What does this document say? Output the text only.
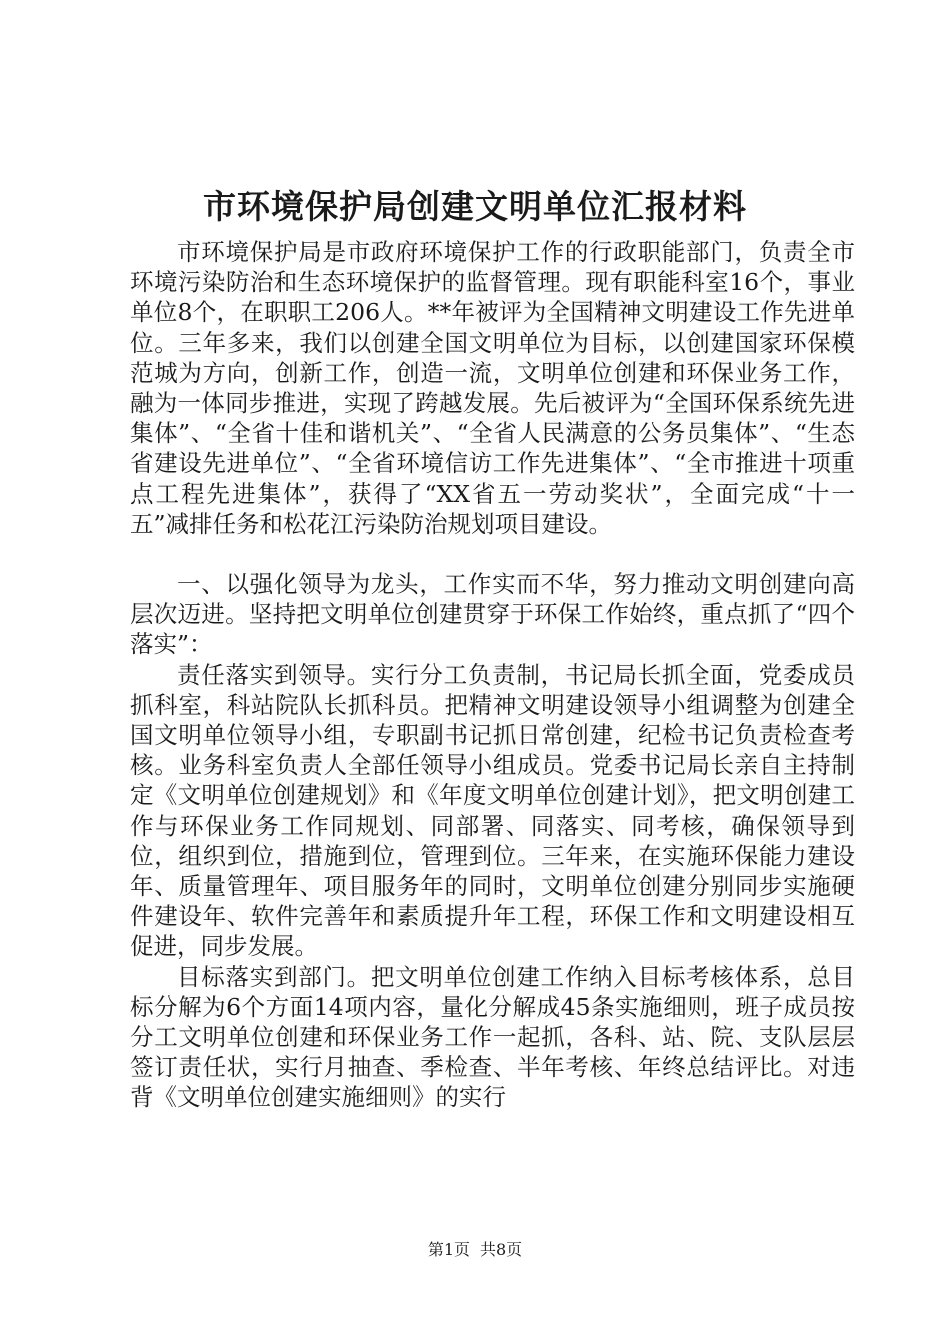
市环境保护局创建文明单位汇报材料

市环境保护局是市政府环境保护工作的行政职能部门，负责全市环境污染防治和生态环境保护的监督管理。现有职能科室16个，事业单位8个，在职职工206人。**年被评为全国精神文明建设工作先进单位。三年多来，我们以创建全国文明单位为目标，以创建国家环保模范城为方向，创新工作，创造一流，文明单位创建和环保业务工作，融为一体同步推进，实现了跨越发展。先后被评为“全国环保系统先进集体”、“全省十佳和谐机关”、“全省人民满意的公务员集体”、“生态省建设先进单位”、“全省环境信访工作先进集体”、“全市推进十项重点工程先进集体”，获得了“XX省五一劳动奖状”，全面完成“十一五”减排任务和松花江污染防治规划项目建设。

一、以强化领导为龙头，工作实而不华，努力推动文明创建向高层次迈进。坚持把文明单位创建贯穿于环保工作始终，重点抓了“四个落实”：

责任落实到领导。实行分工负责制，书记局长抓全面，党委成员抓科室，科站院队长抓科员。把精神文明建设领导小组调整为创建全国文明单位领导小组，专职副书记抓日常创建，纪检书记负责检查考核。业务科室负责人全部任领导小组成员。党委书记局长亲自主持制定《文明单位创建规划》和《年度文明单位创建计划》，把文明创建工作与环保业务工作同规划、同部署、同落实、同考核，确保领导到位，组织到位，措施到位，管理到位。三年来，在实施环保能力建设年、质量管理年、项目服务年的同时，文明单位创建分别同步实施硬件建设年、软件完善年和素质提升年工程，环保工作和文明建设相互促进，同步发展。

目标落实到部门。把文明单位创建工作纳入目标考核体系，总目标分解为6个方面14项内容，量化分解成45条实施细则，班子成员按分工文明单位创建和环保业务工作一起抓，各科、站、院、支队层层签订责任状，实行月抽查、季检查、半年考核、年终总结评比。对违背《文明单位创建实施细则》的实行

第1页 共8页
